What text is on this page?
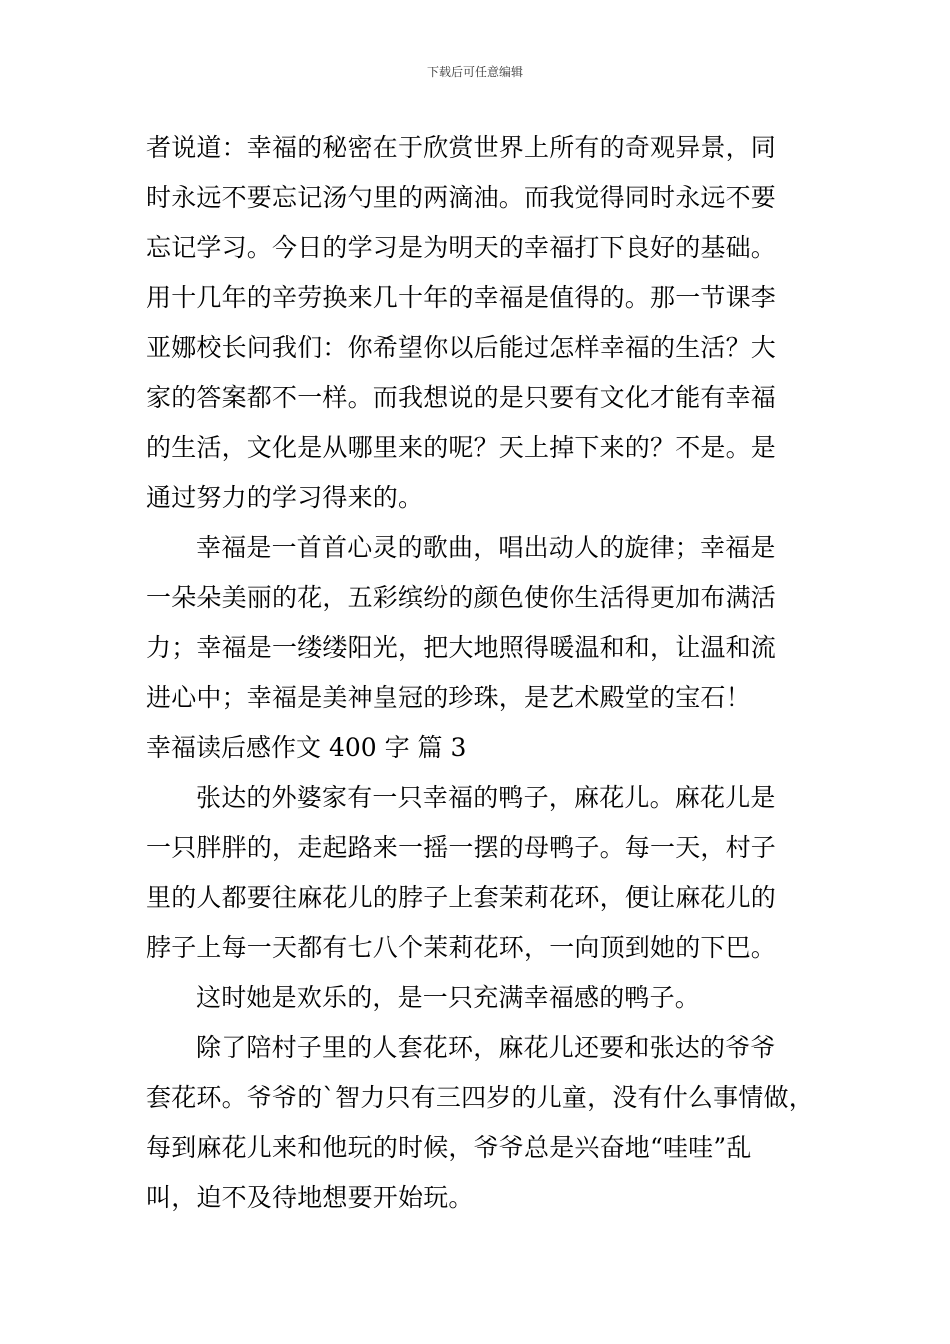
下载后可任意编辑
者说道：幸福的秘密在于欣赏世界上所有的奇观异景，同
时永远不要忘记汤勺里的两滴油。而我觉得同时永远不要
忘记学习。今日的学习是为明天的幸福打下良好的基础。
用十几年的辛劳换来几十年的幸福是值得的。那一节课李
亚娜校长问我们：你希望你以后能过怎样幸福的生活？大
家的答案都不一样。而我想说的是只要有文化才能有幸福
的生活，文化是从哪里来的呢？天上掉下来的？不是。是
通过努力的学习得来的。
幸福是一首首心灵的歌曲，唱出动人的旋律；幸福是
一朵朵美丽的花，五彩缤纷的颜色使你生活得更加布满活
力；幸福是一缕缕阳光，把大地照得暖温和和，让温和流
进心中；幸福是美神皇冠的珍珠，是艺术殿堂的宝石！
幸福读后感作文 400 字 篇 3
张达的外婆家有一只幸福的鸭子，麻花儿。麻花儿是
一只胖胖的，走起路来一摇一摆的母鸭子。每一天，村子
里的人都要往麻花儿的脖子上套茉莉花环，便让麻花儿的
脖子上每一天都有七八个茉莉花环，一向顶到她的下巴。
这时她是欢乐的，是一只充满幸福感的鸭子。
除了陪村子里的人套花环，麻花儿还要和张达的爷爷
套花环。爷爷的`智力只有三四岁的儿童，没有什么事情做，
每到麻花儿来和他玩的时候，爷爷总是兴奋地“哇哇”乱
叫，迫不及待地想要开始玩。
